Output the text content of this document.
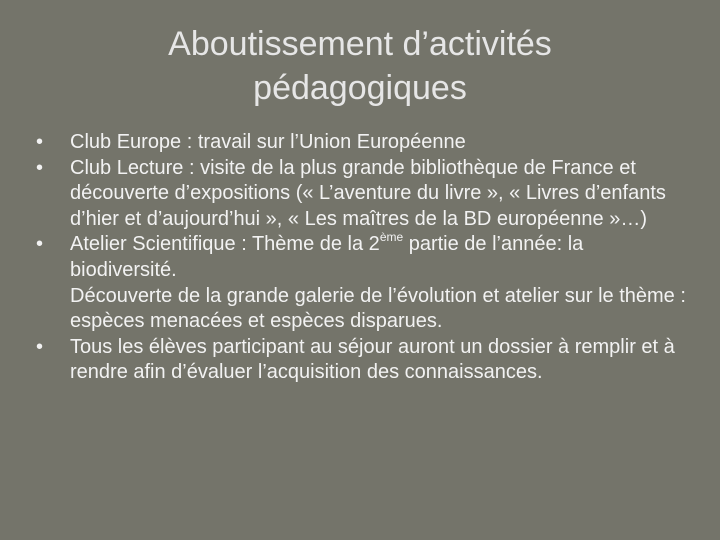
Aboutissement d’activités
pédagogiques
•	Club Europe : travail sur l’Union Européenne
•	Club Lecture : visite de la plus grande bibliothèque de France et découverte d’expositions (« L’aventure du livre », « Livres d’enfants d’hier et d’aujourd’hui », « Les maîtres de la BD européenne »…)
•	Atelier Scientifique : Thème de la 2ème partie de l’année: la biodiversité.
Découverte de la grande galerie de l’évolution et atelier sur le thème : espèces menacées et espèces disparues.
•	Tous les élèves participant au séjour auront un dossier à remplir et à rendre afin d’évaluer l’acquisition des connaissances.
